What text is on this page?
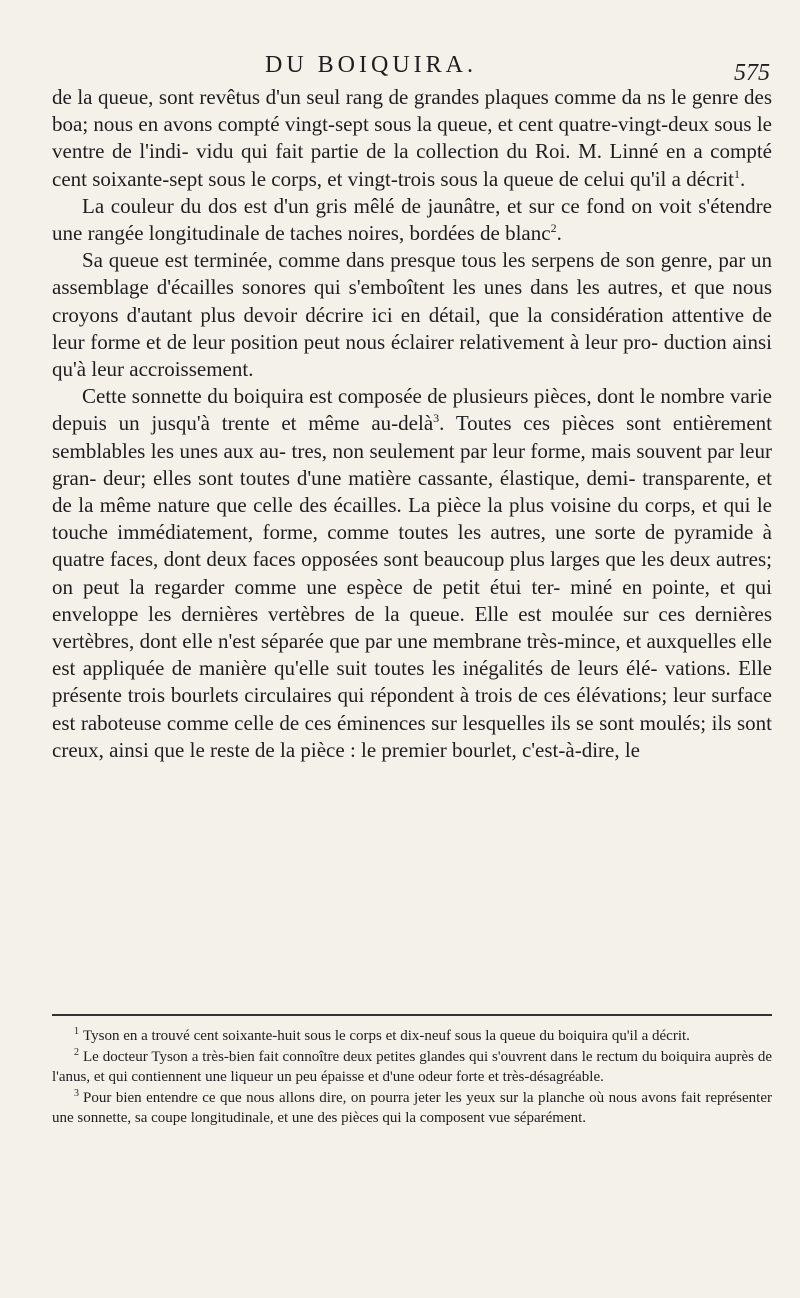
DU BOIQUIRA.	575

de la queue, sont revêtus d'un seul rang de grandes plaques comme da ns le genre des boa; nous en avons compté vingt-sept sous la queue, et cent quatre-vingt-deux sous le ventre de l'indi- vidu qui fait partie de la collection du Roi. M. Linné en a compté cent soixante-sept sous le corps, et vingt-trois sous la queue de celui qu'il a décrit$^1$.

La couleur du dos est d'un gris mêlé de jaunâtre, et sur ce fond on voit s'étendre une rangée longitudinale de taches noires, bordées de blanc$^2$.

Sa queue est terminée, comme dans presque tous les serpens de son genre, par un assemblage d'écailles sonores qui s'emboîtent les unes dans les autres, et que nous croyons d'autant plus devoir décrire ici en détail, que la considération attentive de leur forme et de leur position peut nous éclairer relativement à leur pro- duction ainsi qu'à leur accroissement.

Cette sonnette du boiquira est composée de plusieurs pièces, dont le nombre varie depuis un jusqu'à trente et même au-delà$^3$. Toutes ces pièces sont entièrement semblables les unes aux au- tres, non seulement par leur forme, mais souvent par leur gran- deur; elles sont toutes d'une matière cassante, élastique, demi- transparente, et de la même nature que celle des écailles. La pièce la plus voisine du corps, et qui le touche immédiatement, forme, comme toutes les autres, une sorte de pyramide à quatre faces, dont deux faces opposées sont beaucoup plus larges que les deux autres; on peut la regarder comme une espèce de petit étui ter- miné en pointe, et qui enveloppe les dernières vertèbres de la queue. Elle est moulée sur ces dernières vertèbres, dont elle n'est séparée que par une membrane très-mince, et auxquelles elle est appliquée de manière qu'elle suit toutes les inégalités de leurs élé- vations. Elle présente trois bourlets circulaires qui répondent à trois de ces élévations; leur surface est raboteuse comme celle de ces éminences sur lesquelles ils se sont moulés; ils sont creux, ainsi que le reste de la pièce : le premier bourlet, c'est-à-dire, le

$^1$ Tyson en a trouvé cent soixante-huit sous le corps et dix-neuf sous la queue du boiquira qu'il a décrit.

$^2$ Le docteur Tyson a très-bien fait connoître deux petites glandes qui s'ouvrent dans le rectum du boiquira auprès de l'anus, et qui contiennent une liqueur un peu épaisse et d'une odeur forte et très-désagréable.

$^3$ Pour bien entendre ce que nous allons dire, on pourra jeter les yeux sur la planche où nous avons fait représenter une sonnette, sa coupe longitudinale, et une des pièces qui la composent vue séparément.
